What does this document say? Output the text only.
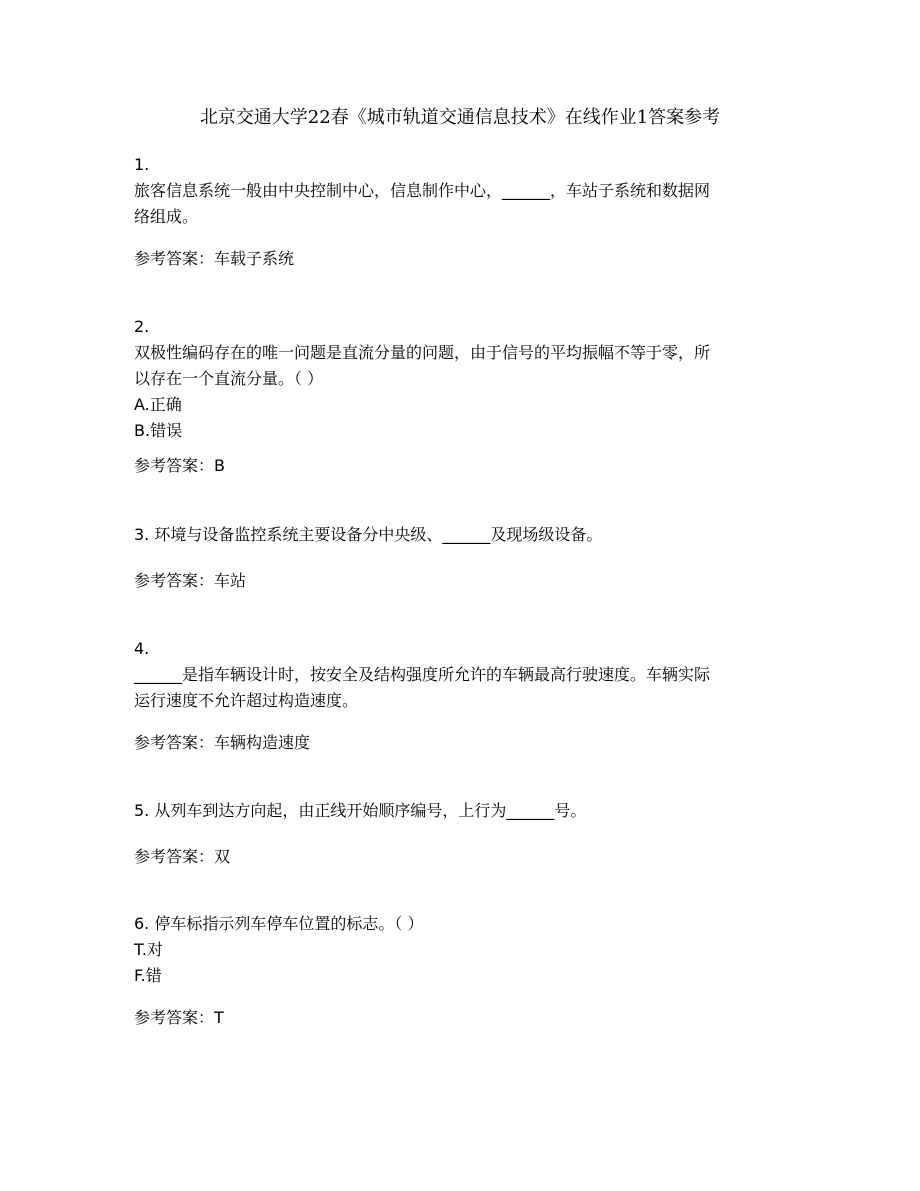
北京交通大学22春《城市轨道交通信息技术》在线作业1答案参考
1.
旅客信息系统一般由中央控制中心，信息制作中心，______，车站子系统和数据网
络组成。
参考答案：车载子系统
2.
双极性编码存在的唯一问题是直流分量的问题，由于信号的平均振幅不等于零，所
以存在一个直流分量。（ ）
A.正确
B.错误
参考答案：B
3. 环境与设备监控系统主要设备分中央级、______及现场级设备。
参考答案：车站
4.
______是指车辆设计时，按安全及结构强度所允许的车辆最高行驶速度。车辆实际
运行速度不允许超过构造速度。
参考答案：车辆构造速度
5. 从列车到达方向起，由正线开始顺序编号，上行为______号。
参考答案：双
6. 停车标指示列车停车位置的标志。（ ）
T.对
F.错
参考答案：T
